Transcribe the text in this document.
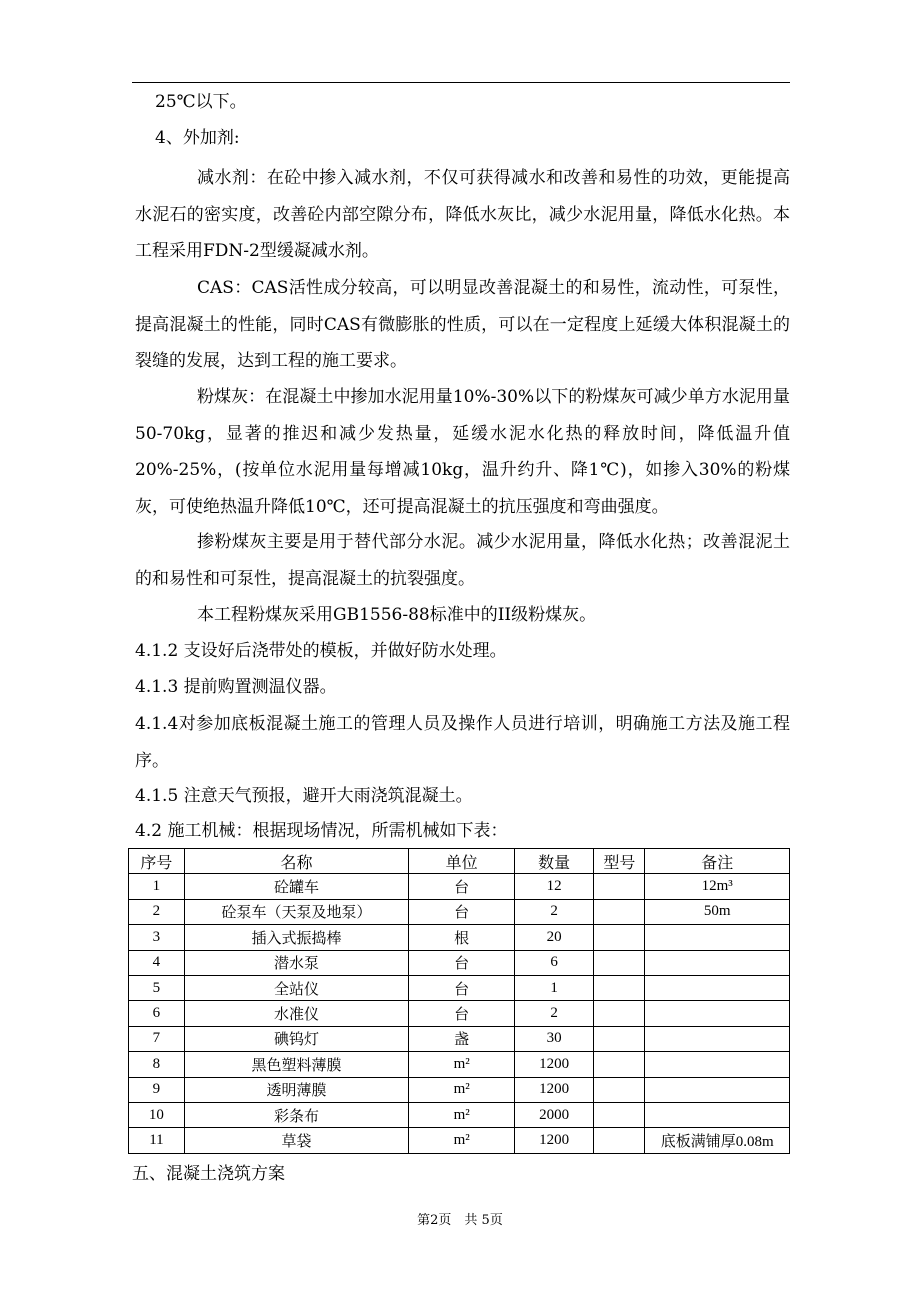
25℃以下。

4、外加剂:

减水剂：在砼中掺入减水剂，不仅可获得减水和改善和易性的功效，更能提高水泥石的密实度，改善砼内部空隙分布，降低水灰比，减少水泥用量，降低水化热。本工程采用FDN-2型缓凝减水剂。

CAS：CAS活性成分较高，可以明显改善混凝土的和易性，流动性，可泵性，提高混凝土的性能，同时CAS有微膨胀的性质，可以在一定程度上延缓大体积混凝土的裂缝的发展，达到工程的施工要求。

粉煤灰：在混凝土中掺加水泥用量10%-30%以下的粉煤灰可减少单方水泥用量50-70kg，显著的推迟和减少发热量，延缓水泥水化热的释放时间，降低温升值20%-25%，(按单位水泥用量每增减10kg，温升约升、降1℃)，如掺入30%的粉煤灰，可使绝热温升降低10℃，还可提高混凝土的抗压强度和弯曲强度。

掺粉煤灰主要是用于替代部分水泥。减少水泥用量，降低水化热；改善混泥土的和易性和可泵性，提高混凝土的抗裂强度。

本工程粉煤灰采用GB1556-88标准中的II级粉煤灰。

4.1.2 支设好后浇带处的模板，并做好防水处理。

4.1.3 提前购置测温仪器。

4.1.4对参加底板混凝土施工的管理人员及操作人员进行培训，明确施工方法及施工程序。

4.1.5 注意天气预报，避开大雨浇筑混凝土。

4.2 施工机械：根据现场情况，所需机械如下表：

序号	名称	单位	数量	型号	备注
1	砼罐车	台	12		12m³
2	砼泵车（天泵及地泵）	台	2		50m
3	插入式振捣棒	根	20		
4	潜水泵	台	6		
5	全站仪	台	1		
6	水准仪	台	2		
7	碘钨灯	盏	30		
8	黑色塑料薄膜	m²	1200		
9	透明薄膜	m²	1200		
10	彩条布	m²	2000		
11	草袋	m²	1200		底板满铺厚0.08m

五、混凝土浇筑方案

第2页　共 5页
